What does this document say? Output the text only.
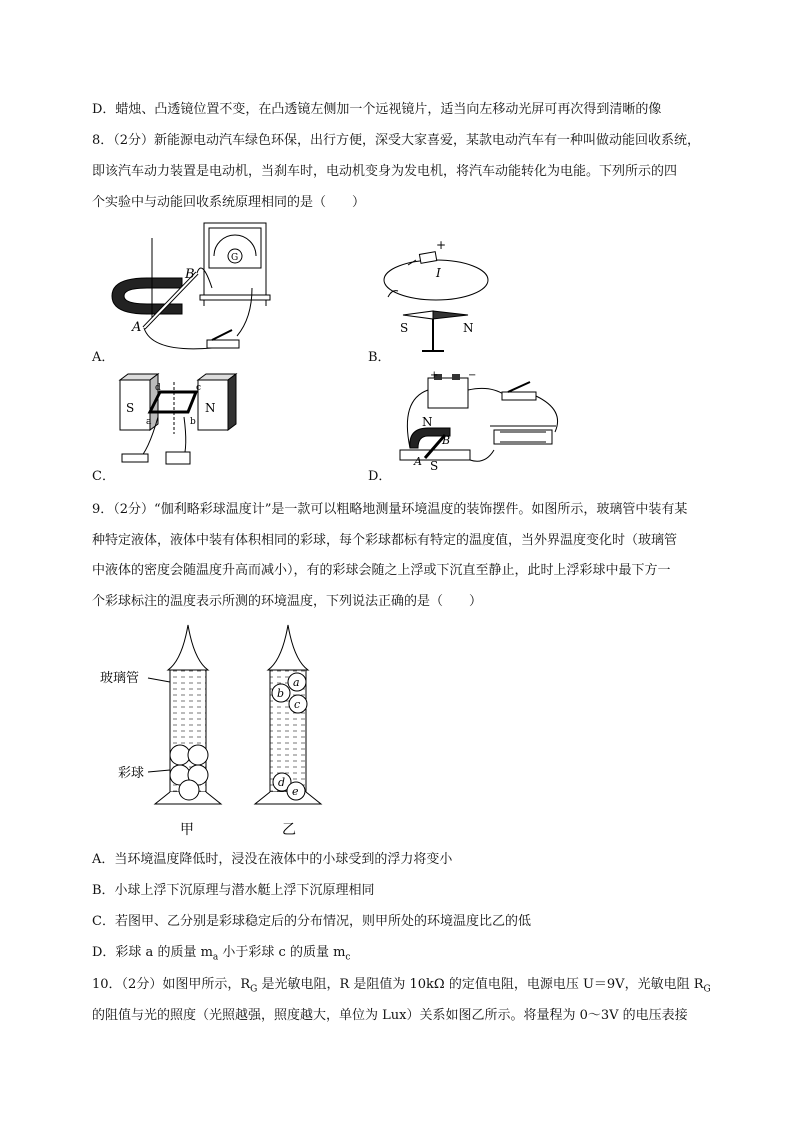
D．蜡烛、凸透镜位置不变，在凸透镜左侧加一个远视镜片，适当向左移动光屏可再次得到清晰的像
8．（2分）新能源电动汽车绿色环保，出行方便，深受大家喜爱，某款电动汽车有一种叫做动能回收系统，
即该汽车动力装置是电动机，当刹车时，电动机变身为发电机，将汽车动能转化为电能。下列所示的四
个实验中与动能回收系统原理相同的是（　　）
A
B
G
A．
+
I
S	N
B．
S	N
d	c
a	b
C．
+	−
N
S
A
B
D．
9．（2分）“伽利略彩球温度计”是一款可以粗略地测量环境温度的装饰摆件。如图所示，玻璃管中装有某
种特定液体，液体中装有体积相同的彩球，每个彩球都标有特定的温度值，当外界温度变化时（玻璃管
中液体的密度会随温度升高而减小），有的彩球会随之上浮或下沉直至静止，此时上浮彩球中最下方一
个彩球标注的温度表示所测的环境温度，下列说法正确的是（　　）
玻璃管
彩球
甲
a
b
c
d
e
乙
A．当环境温度降低时，浸没在液体中的小球受到的浮力将变小
B．小球上浮下沉原理与潜水艇上浮下沉原理相同
C．若图甲、乙分别是彩球稳定后的分布情况，则甲所处的环境温度比乙的低
D．彩球 a 的质量 $m_a$ 小于彩球 c 的质量 $m_c$
10．（2分）如图甲所示，$R_G$ 是光敏电阻，R 是阻值为 10kΩ 的定值电阻，电源电压 U＝9V，光敏电阻 $R_G$
的阻值与光的照度（光照越强，照度越大，单位为 Lux）关系如图乙所示。将量程为 0～3V 的电压表接
